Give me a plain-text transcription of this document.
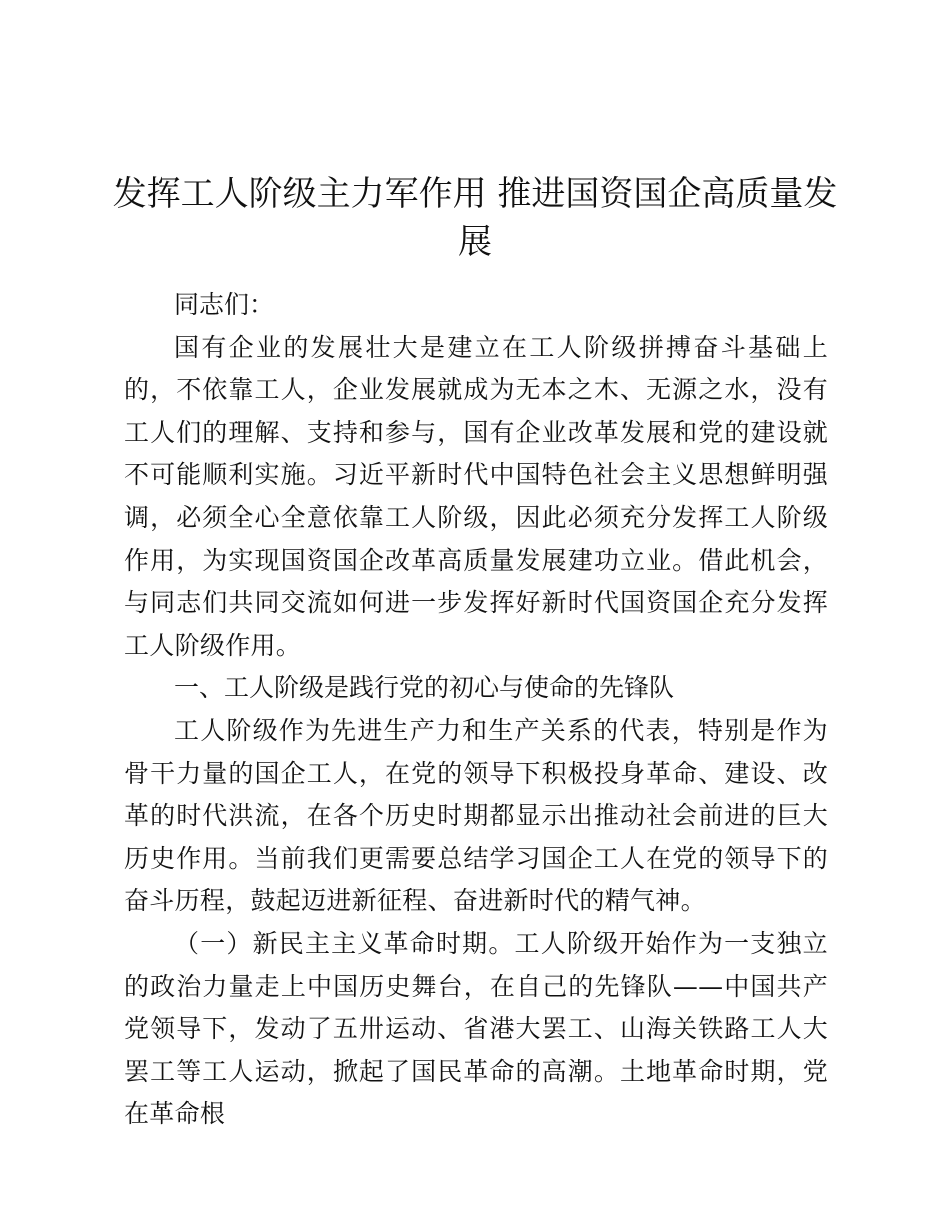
发挥工人阶级主力军作用 推进国资国企高质量发展

同志们：

国有企业的发展壮大是建立在工人阶级拼搏奋斗基础上的，不依靠工人，企业发展就成为无本之木、无源之水，没有工人们的理解、支持和参与，国有企业改革发展和党的建设就不可能顺利实施。习近平新时代中国特色社会主义思想鲜明强调，必须全心全意依靠工人阶级，因此必须充分发挥工人阶级作用，为实现国资国企改革高质量发展建功立业。借此机会，与同志们共同交流如何进一步发挥好新时代国资国企充分发挥工人阶级作用。

一、工人阶级是践行党的初心与使命的先锋队

工人阶级作为先进生产力和生产关系的代表，特别是作为骨干力量的国企工人，在党的领导下积极投身革命、建设、改革的时代洪流，在各个历史时期都显示出推动社会前进的巨大历史作用。当前我们更需要总结学习国企工人在党的领导下的奋斗历程，鼓起迈进新征程、奋进新时代的精气神。

（一）新民主主义革命时期。工人阶级开始作为一支独立的政治力量走上中国历史舞台，在自己的先锋队——中国共产党领导下，发动了五卅运动、省港大罢工、山海关铁路工人大罢工等工人运动，掀起了国民革命的高潮。土地革命时期，党在革命根
